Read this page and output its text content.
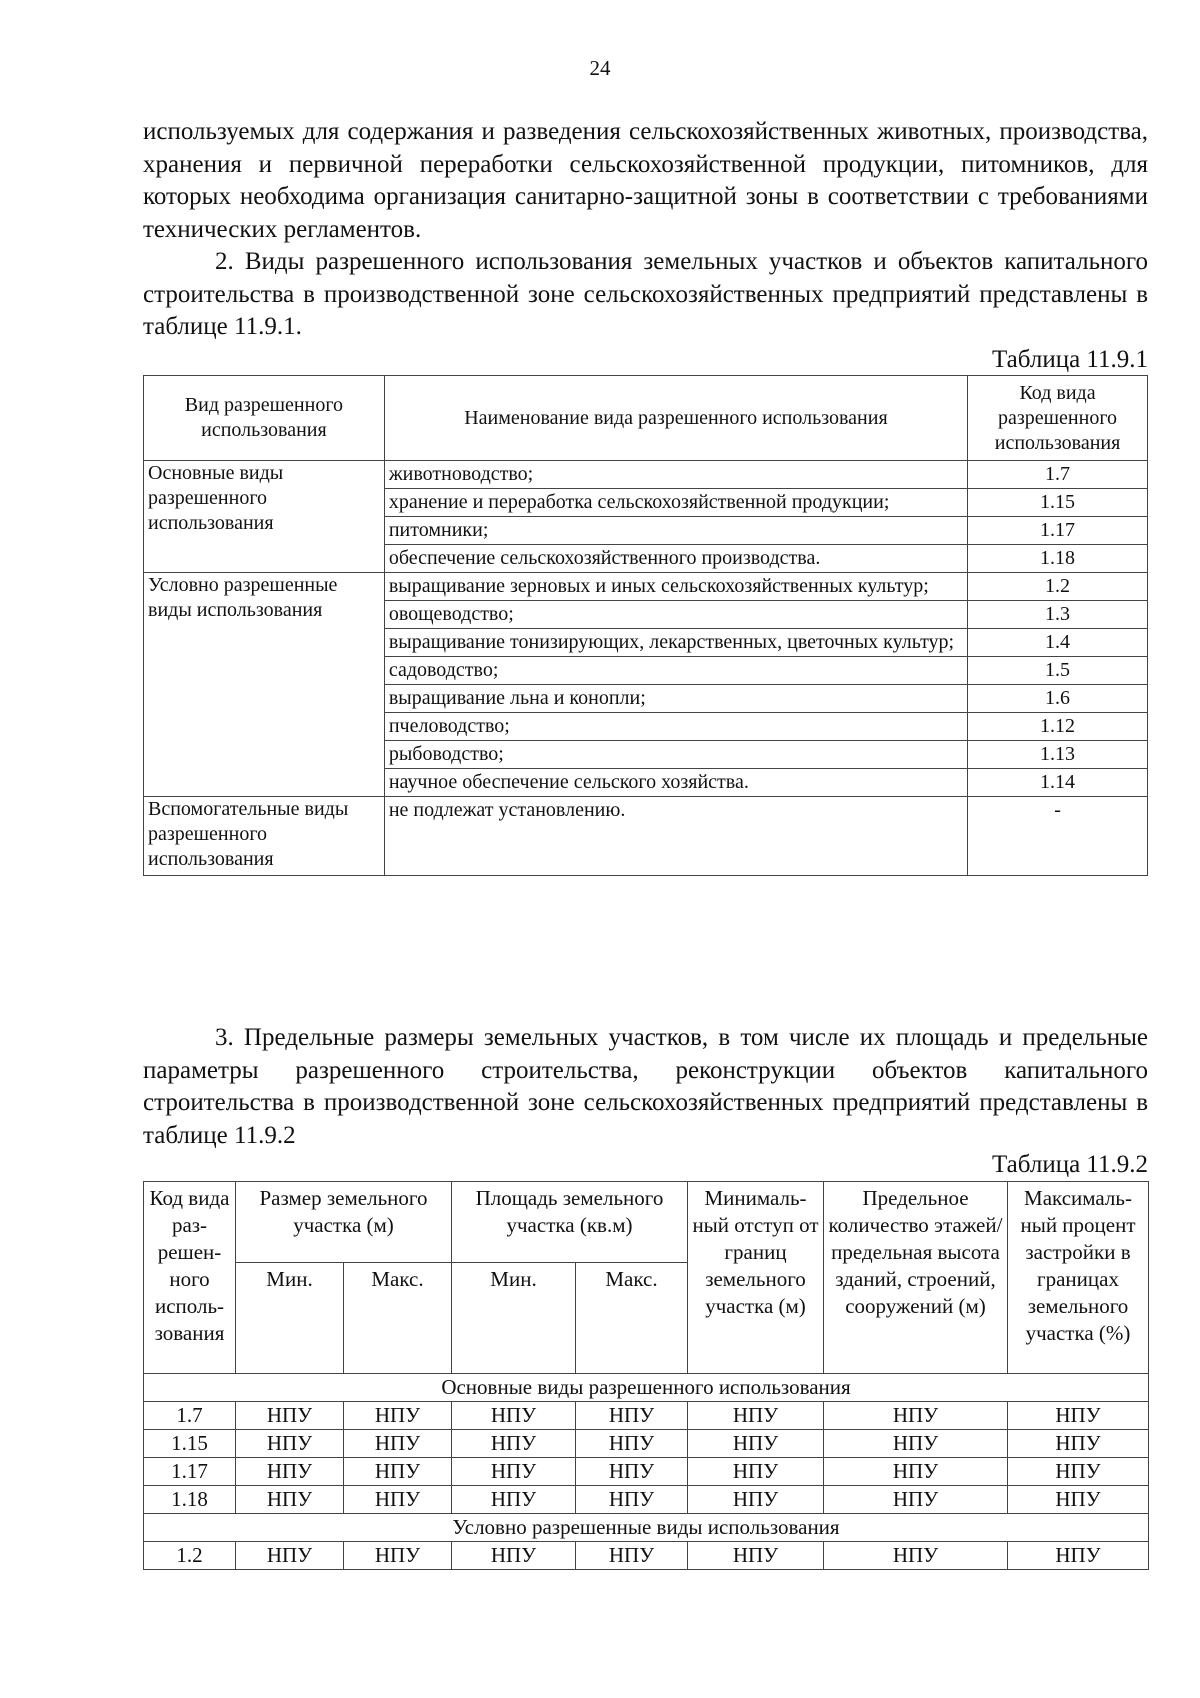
24

используемых для содержания и разведения сельскохозяйственных животных, производства, хранения и первичной переработки сельскохозяйственной продукции, питомников, для которых необходима организация санитарно-защитной зоны в соответствии с требованиями технических регламентов.

2. Виды разрешенного использования земельных участков и объектов капитального строительства в производственной зоне сельскохозяйственных предприятий представлены в таблице 11.9.1.

Таблица 11.9.1
Вид разрешенного использования	Наименование вида разрешенного использования	Код вида разрешенного использования
Основные виды разрешенного использования	животноводство;	1.7
	хранение и переработка сельскохозяйственной продукции;	1.15
	питомники;	1.17
	обеспечение сельскохозяйственного производства.	1.18
Условно разрешенные виды использования	выращивание зерновых и иных сельскохозяйственных культур;	1.2
	овощеводство;	1.3
	выращивание тонизирующих, лекарственных, цветочных культур;	1.4
	садоводство;	1.5
	выращивание льна и конопли;	1.6
	пчеловодство;	1.12
	рыбоводство;	1.13
	научное обеспечение сельского хозяйства.	1.14
Вспомогательные виды разрешенного использования	не подлежат установлению.	-

3. Предельные размеры земельных участков, в том числе их площадь и предельные параметры разрешенного строительства, реконструкции объектов капитального строительства в производственной зоне сельскохозяйственных предприятий представлены в таблице 11.9.2

Таблица 11.9.2
Код вида раз-решен-ного исполь-зования	Размер земельного участка (м)		Площадь земельного участка (кв.м)		Минималь-ный отступ от границ земельного участка (м)	Предельное количество этажей/ предельная высота зданий, строений, сооружений (м)	Максималь-ный процент застройки в границах земельного участка (%)
	Мин.	Макс.	Мин.	Макс.			
Основные виды разрешенного использования							
1.7	НПУ	НПУ	НПУ	НПУ	НПУ	НПУ	НПУ
1.15	НПУ	НПУ	НПУ	НПУ	НПУ	НПУ	НПУ
1.17	НПУ	НПУ	НПУ	НПУ	НПУ	НПУ	НПУ
1.18	НПУ	НПУ	НПУ	НПУ	НПУ	НПУ	НПУ
Условно разрешенные виды использования							
1.2	НПУ	НПУ	НПУ	НПУ	НПУ	НПУ	НПУ
